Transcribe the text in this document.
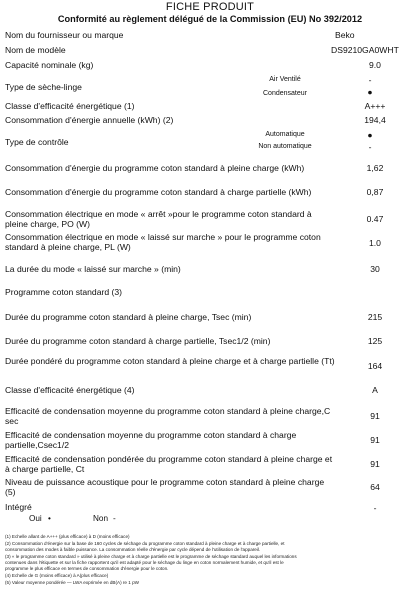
FICHE PRODUIT
Conformité au règlement délégué de la Commission (EU) No 392/2012
Nom du fournisseur ou marque	Beko
Nom de modèle	DS9210GA0WHT
Capacité nominale (kg)	9.0
Type de sèche-linge
Air Ventilé	-
Condensateur	●
Classe d'efficacité énergétique (1)	A+++
Consommation d'énergie annuelle (kWh) (2)	194,4
Type de contrôle
Automatique	●
Non automatique	-
Consommation d'énergie du programme coton standard à pleine charge (kWh)	1,62
Consommation d'énergie du programme coton standard à charge partielle (kWh)	0,87
Consommation électrique en mode « arrêt »pour le programme coton standard à pleine charge, PO (W)	0.47
Consommation électrique en mode « laissé sur marche » pour le programme coton standard à pleine charge, PL (W)	1.0
La durée du mode « laissé sur marche » (min)	30
Programme coton standard (3)
Durée du programme coton standard à pleine charge, Tsec (min)	215
Durée du programme coton standard à charge partielle, Tsec1/2 (min)	125
Durée pondéré du programme coton standard à pleine charge et à charge partielle (Tt)	164
Classe d'efficacité énergétique (4)	A
Efficacité de condensation moyenne du programme coton standard à pleine charge,C sec	91
Efficacité de condensation moyenne du programme coton standard à charge partielle,Csec1/2	91
Efficacité de condensation pondérée du programme coton standard à pleine charge et à charge partielle, Ct	91
Niveau de puissance acoustique pour le programme coton standard à pleine charge (5)	64
Intégré	-
Oui •	Non -
(1) Echelle allant de A+++ (plus efficace) à D (moins efficace)
(2) Consommation d'énergie sur la base de 160 cycles de séchage du programme coton standard à pleine charge et à charge partielle, et
consommation des modes à faible puissance. La consommation réelle d'énergie par cycle dépend de l'utilisation de l'appareil.
(3) « le programme coton standard » utilisé à pleine charge et à charge partielle est le programme de séchage standard auquel les informations
contenues dans l'étiquette et sur la fiche rapportent qu'il est adapté pour le séchage du linge en coton normalement humide, et qu'il est le
programme le plus efficace en termes de consommation d'énergie pour le coton.
(4) Echelle de G (moins efficace) à A(plus efficace)
(5) Valeur moyenne pondérée — LWA exprimée en dB(A) re 1 pW
